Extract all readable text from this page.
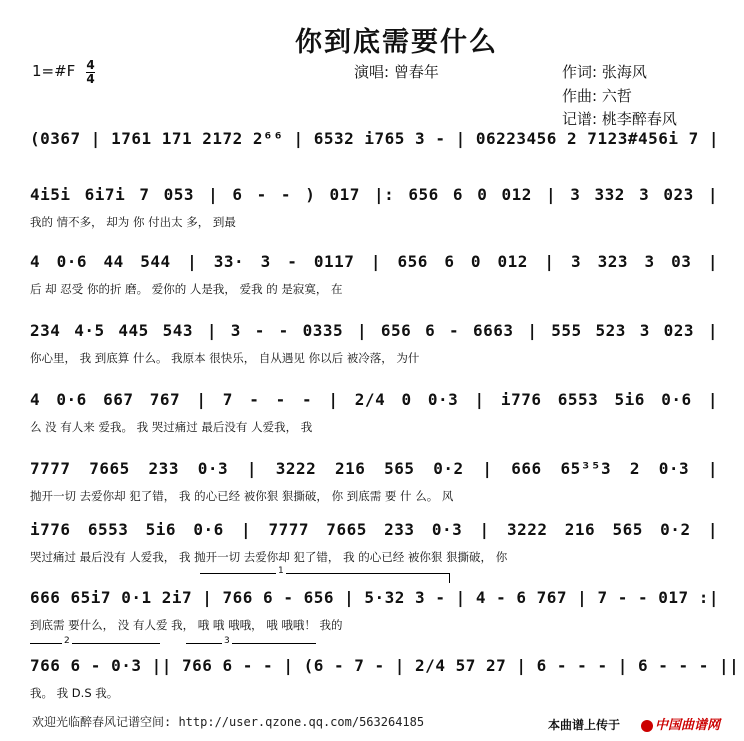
你到底需要什么
1=#F 4
4	演唱: 曾春年	作词: 张海风
作曲: 六哲
记谱: 桃李醉春风
(0367 | 1761 171 2172 2⁶⁶ | 6532 i765 3 - | 06223456 2 7123#456i 7 |
4i5i 6i7i 7 053 | 6 - - ) 017 |: 656 6 0 012 | 3 332 3 023 |
我的 情不多， 却为 你 付出太 多， 到最
4 0·6 44 544 | 33· 3 - 0117 | 656 6 0 012 | 3 323 3 03 |
后 却 忍受 你的折 磨。 爱你的 人是我， 爱我 的 是寂寞， 在
234 4·5 445 543 | 3 - - 0335 | 656 6 - 6663 | 555 523 3 023 |
你心里， 我 到底算 什么。 我原本 很快乐， 自从遇见 你以后 被冷落， 为什
4 0·6 667 767 | 7 - - - | 2/4 0 0·3 | i776 6553 5i6 0·6 |
么 没 有人来 爱我。 我 哭过痛过 最后没有 人爱我， 我
7777 7665 233 0·3 | 3222 216 565 0·2 | 666 65³⁵3 2 0·3 |
抛开一切 去爱你却 犯了错， 我 的心已经 被你狠 狠撕破， 你 到底需 要 什 么。 风
i776 6553 5i6 0·6 | 7777 7665 233 0·3 | 3222 216 565 0·2 |
哭过痛过 最后没有 人爱我， 我 抛开一切 去爱你却 犯了错， 我 的心已经 被你狠 狠撕破， 你
666 65i7 0·1 2i7 | 766 6 - 656 | 5·32 3 - | 4 - 6 767 | 7 - - 017 :|
到底需 要什么， 没 有人爱 我， 哦 哦 哦哦， 哦 哦哦！ 我的
766 6 - 0·3 || 766 6 - - | (6 - 7 - | 2/4 57 27 | 6 - - - | 6 - - - ||
我。 我 D.S 我。
1
2	3
欢迎光临醉春风记谱空间: http://user.qzone.qq.com/563264185	本曲谱上传于	中国曲谱网
